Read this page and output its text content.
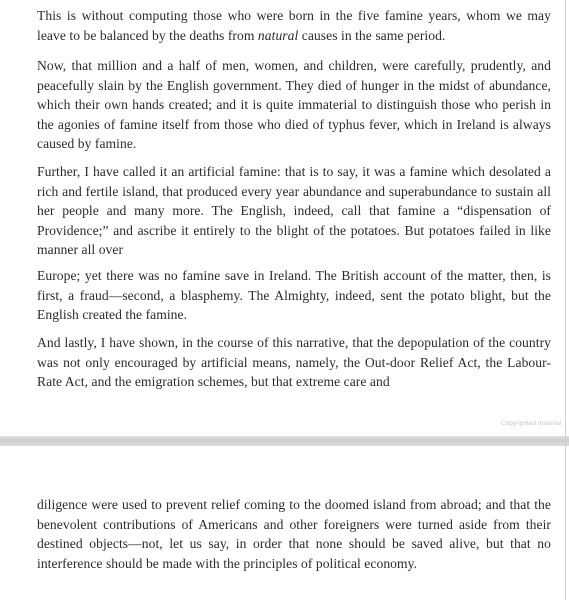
This is without computing those who were born in the five famine years, whom we may leave to be balanced by the deaths from natural causes in the same period.

Now, that million and a half of men, women, and children, were carefully, prudently, and peacefully slain by the English government. They died of hunger in the midst of abundance, which their own hands created; and it is quite immaterial to distinguish those who perish in the agonies of famine itself from those who died of typhus fever, which in Ireland is always caused by famine.

Further, I have called it an artificial famine: that is to say, it was a famine which desolated a rich and fertile island, that produced every year abundance and superabundance to sustain all her people and many more. The English, indeed, call that famine a “dispensation of Providence;” and ascribe it entirely to the blight of the potatoes. But potatoes failed in like manner all over

Europe; yet there was no famine save in Ireland. The British account of the matter, then, is first, a fraud—second, a blasphemy. The Almighty, indeed, sent the potato blight, but the English created the famine.

And lastly, I have shown, in the course of this narrative, that the depopulation of the country was not only encouraged by artificial means, namely, the Out-door Relief Act, the Labour-Rate Act, and the emigration schemes, but that extreme care and

Copyrighted material

diligence were used to prevent relief coming to the doomed island from abroad; and that the benevolent contributions of Americans and other foreigners were turned aside from their destined objects—not, let us say, in order that none should be saved alive, but that no interference should be made with the principles of political economy.
